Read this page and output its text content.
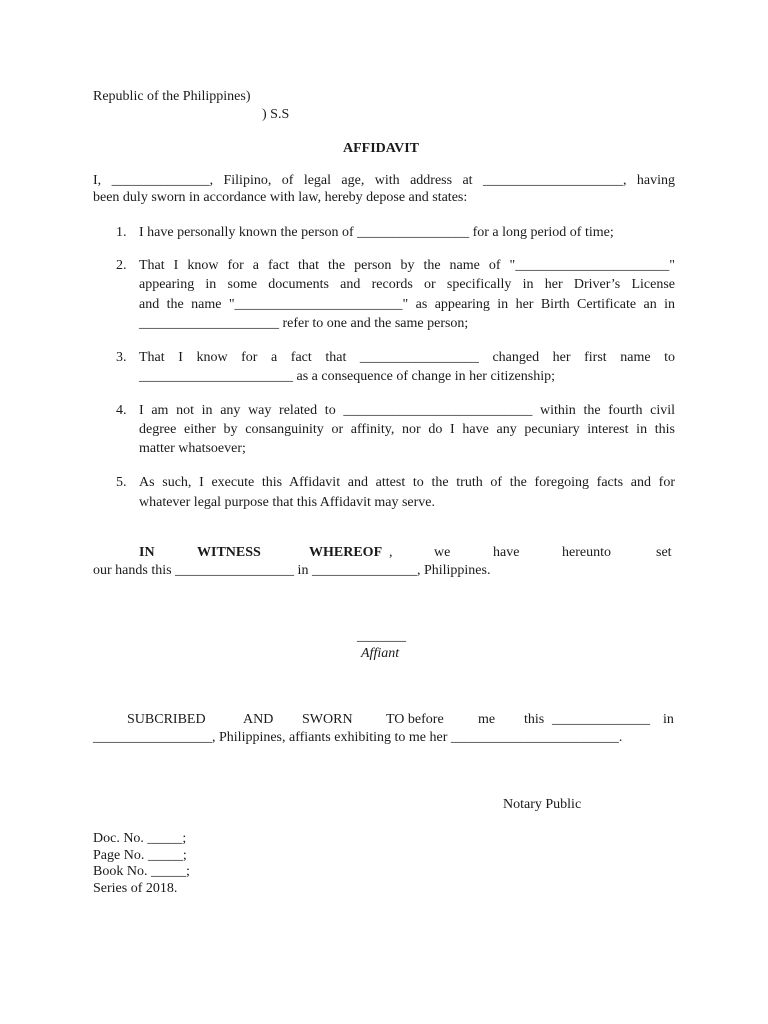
Republic of the Philippines)
) S.S
AFFIDAVIT
I, ______________, Filipino, of legal age, with address at ____________________, having
been duly sworn in accordance with law, hereby depose and states:
1. I have personally known the person of ________________ for a long period of time;
2. That I know for a fact that the person by the name of "______________________"
appearing in some documents and records or specifically in her Driver’s License
and the name "________________________" as appearing in her Birth Certificate an in
____________________ refer to one and the same person;
3. That I know for a fact that _________________ changed her first name to
______________________ as a consequence of change in her citizenship;
4. I am not in any way related to ___________________________ within the fourth civil
degree either by consanguinity or affinity, nor do I have any pecuniary interest in this
matter whatsoever;
5. As such, I execute this Affidavit and attest to the truth of the foregoing facts and for
whatever legal purpose that this Affidavit may serve.
IN	WITNESS	WHEREOF ,	we	have	hereunto	set
our hands this _________________ in _______________, Philippines.
_______
Affiant
SUBCRIBED	AND SWORN TO before me this ______________ in
_________________, Philippines, affiants exhibiting to me her ________________________.
Notary Public
Doc. No. _____;
Page No. _____;
Book No. _____;
Series of 2018.
